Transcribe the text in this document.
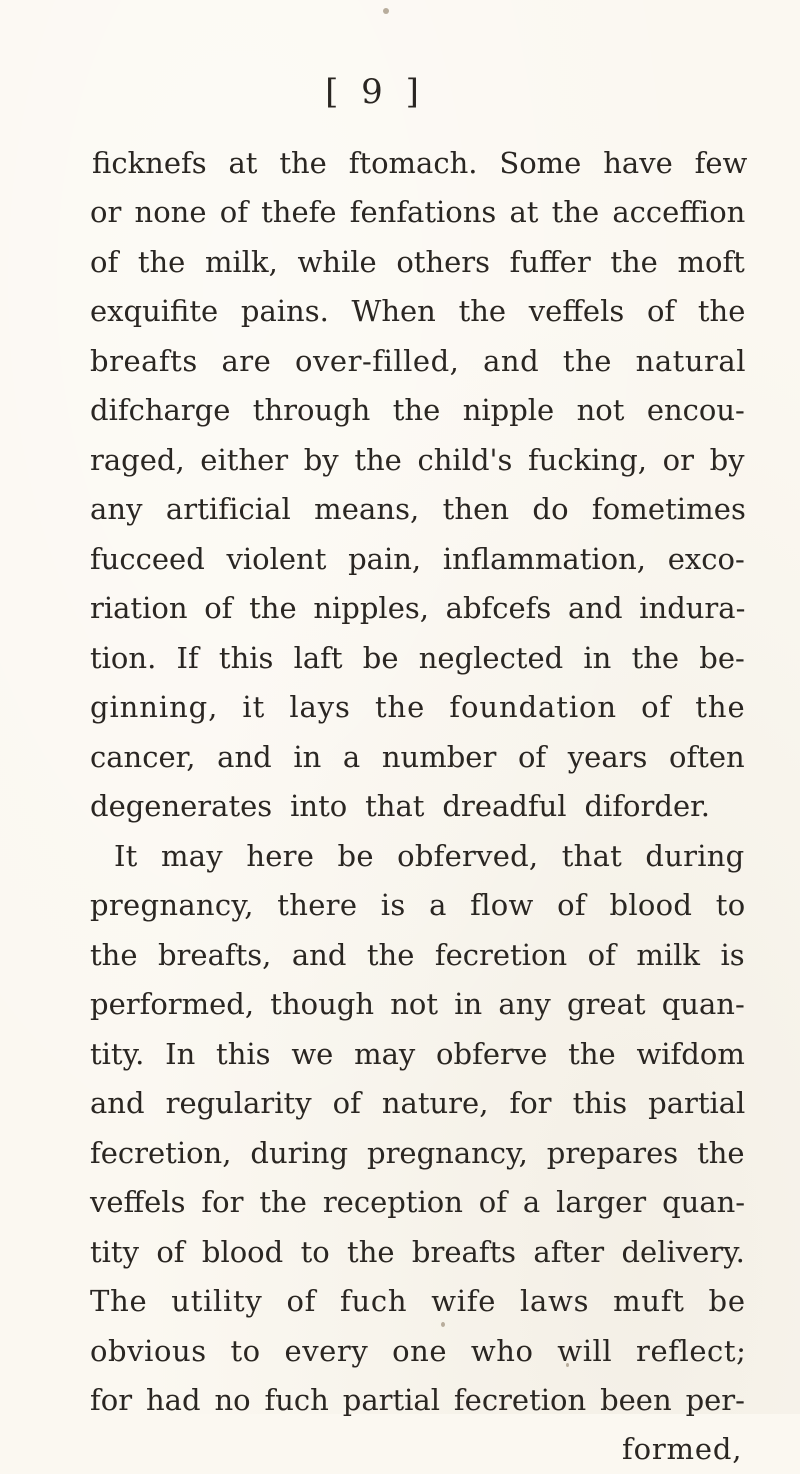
[ 9 ]
ficknefs at the ftomach. Some have few
or none of thefe fenfations at the acceffion
of the milk, while others fuffer the moft
exquifite pains. When the veffels of the
breafts are over-filled, and the natural
difcharge through the nipple not encou-
raged, either by the child's fucking, or by
any artificial means, then do fometimes
fucceed violent pain, inflammation, exco-
riation of the nipples, abfcefs and indura-
tion. If this laft be neglected in the be-
ginning, it lays the foundation of the
cancer, and in a number of years often
degenerates into that dreadful diforder.
It may here be obferved, that during
pregnancy, there is a flow of blood to
the breafts, and the fecretion of milk is
performed, though not in any great quan-
tity. In this we may obferve the wifdom
and regularity of nature, for this partial
fecretion, during pregnancy, prepares the
veffels for the reception of a larger quan-
tity of blood to the breafts after delivery.
The utility of fuch wife laws muft be
obvious to every one who will reflect;
for had no fuch partial fecretion been per-
formed,
